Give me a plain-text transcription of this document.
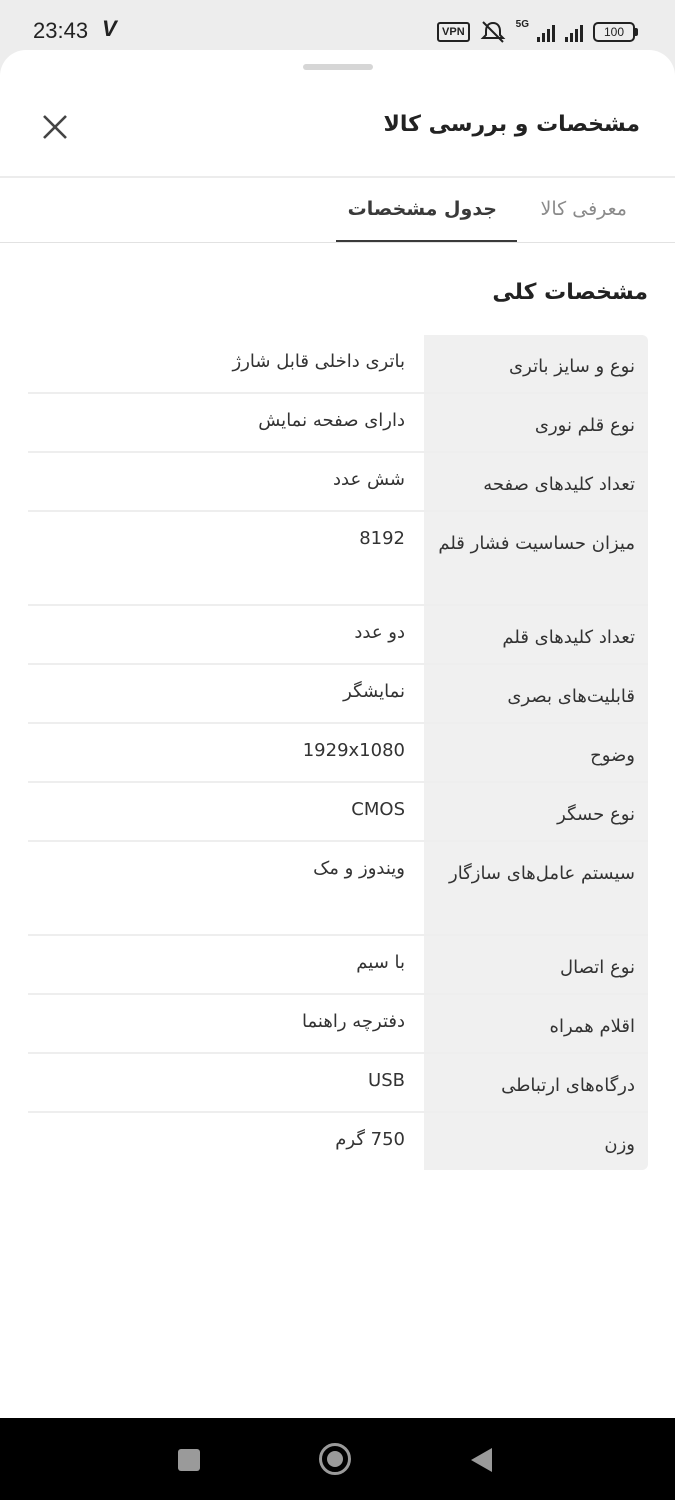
23:43 V	VPN
5G
100
مشخصات و بررسی کالا
معرفی کالا
جدول مشخصات
مشخصات کلی
نوع و سایز باتری
باتری داخلی قابل شارژ
نوع قلم نوری
دارای صفحه نمایش
تعداد کلیدهای صفحه
شش عدد
میزان حساسیت فشار قلم
8192
تعداد کلیدهای قلم
دو عدد
قابلیت‌های بصری
نمایشگر
وضوح
1929x1080
نوع حسگر
CMOS
سیستم عامل‌های سازگار
ویندوز و مک
نوع اتصال
با سیم
اقلام همراه
دفترچه راهنما
درگاه‌های ارتباطی
USB
وزن
750 گرم
